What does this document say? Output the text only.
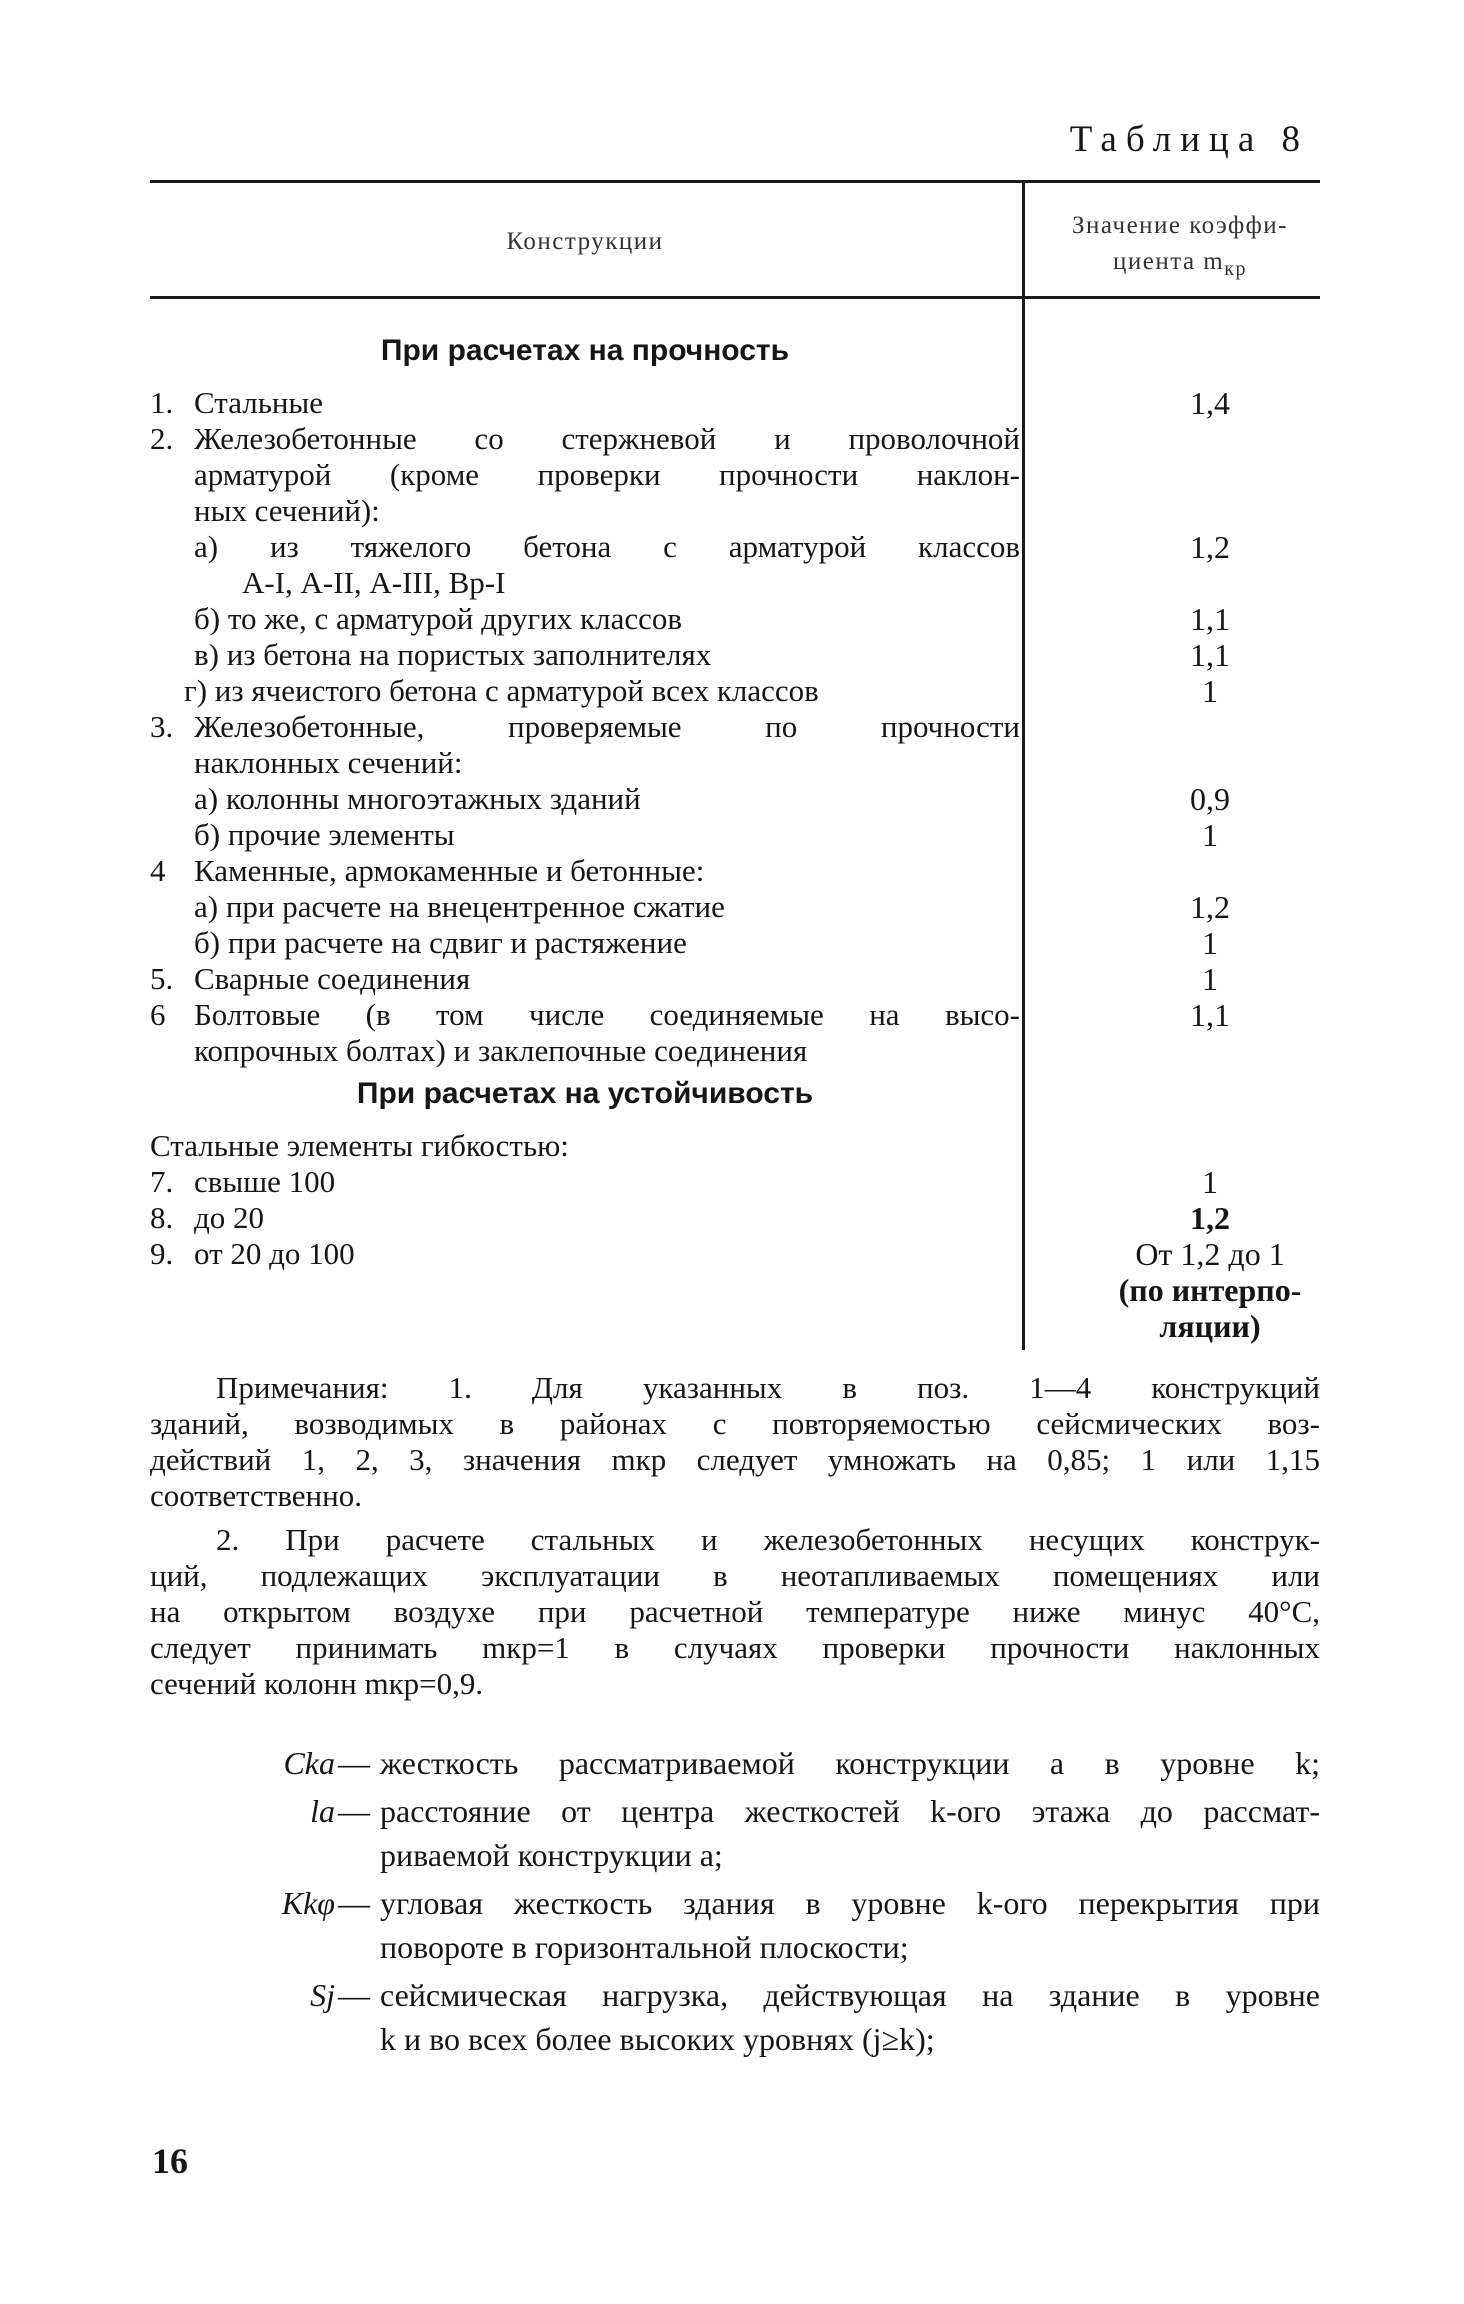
Таблица 8
Конструкции
Значение коэффи-
циента $m_{кр}$
При расчетах на прочность
1. Стальные	1,4
2. Железобетонные со стержневой и проволочной
арматурой (кроме проверки прочности наклон-
ных сечений):
а) из тяжелого бетона с арматурой классов	1,2
А-I, А-II, А-III, Bp-I
б) то же, с арматурой других классов	1,1
в) из бетона на пористых заполнителях	1,1
г) из ячеистого бетона с арматурой всех классов	1
3. Железобетонные, проверяемые по прочности
наклонных сечений:
а) колонны многоэтажных зданий	0,9
б) прочие элементы	1
4 Каменные, армокаменные и бетонные:
а) при расчете на внецентренное сжатие	1,2
б) при расчете на сдвиг и растяжение	1
5. Сварные соединения	1
6 Болтовые (в том числе соединяемые на высо-	1,1
копрочных болтах) и заклепочные соединения
При расчетах на устойчивость
Стальные элементы гибкостью:
7. свыше 100	1
8. до 20	1,2
9. от 20 до 100	От 1,2 до 1
(по интерпо-
ляции)
Примечания: 1. Для указанных в поз. 1—4 конструкций
зданий, возводимых в районах с повторяемостью сейсмических воз-
действий 1, 2, 3, значения mкр следует умножать на 0,85; 1 или 1,15
соответственно.
2. При расчете стальных и железобетонных несущих конструк-
ций, подлежащих эксплуатации в неотапливаемых помещениях или
на открытом воздухе при расчетной температуре ниже минус 40°С,
следует принимать mкр=1 в случаях проверки прочности наклонных
сечений колонн mкр=0,9.
Cka — жесткость рассматриваемой конструкции a в уровне k;
la — расстояние от центра жесткостей k-ого этажа до рассмат-
риваемой конструкции a;
Kkφ — угловая жесткость здания в уровне k-ого перекрытия при
повороте в горизонтальной плоскости;
Sj — сейсмическая нагрузка, действующая на здание в уровне
k и во всех более высоких уровнях (j≥k);
16
